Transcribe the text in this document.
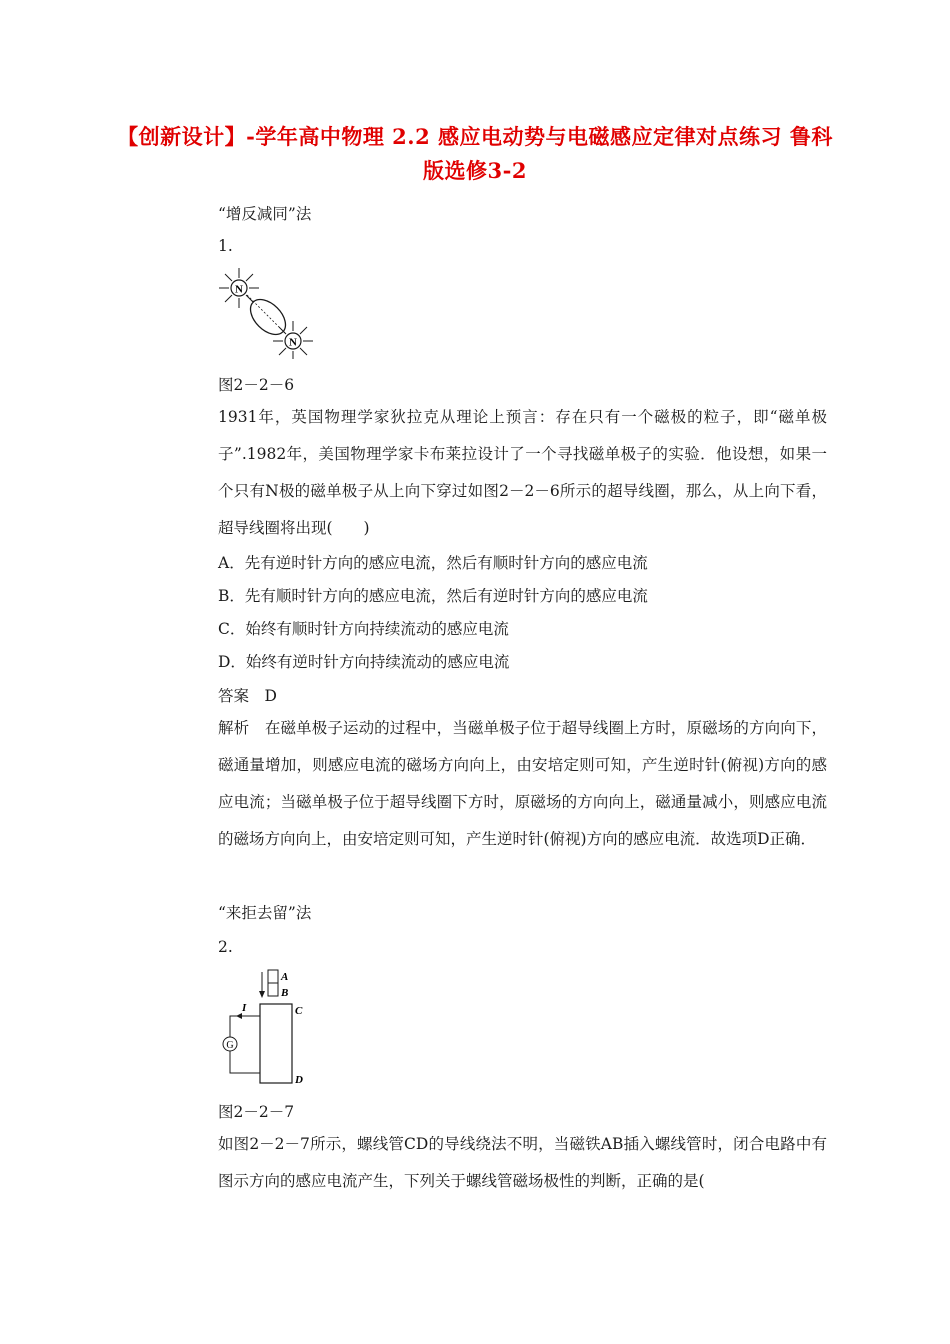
【创新设计】-学年高中物理 2.2 感应电动势与电磁感应定律对点练习 鲁科版选修3-2
“增反减同”法
1.
N
N
图2－2－6
1931年，英国物理学家狄拉克从理论上预言：存在只有一个磁极的粒子，即“磁单极子”.1982年，美国物理学家卡布莱拉设计了一个寻找磁单极子的实验．他设想，如果一个只有N极的磁单极子从上向下穿过如图2－2－6所示的超导线圈，那么，从上向下看，超导线圈将出现(　　)
A．先有逆时针方向的感应电流，然后有顺时针方向的感应电流
B．先有顺时针方向的感应电流，然后有逆时针方向的感应电流
C．始终有顺时针方向持续流动的感应电流
D．始终有逆时针方向持续流动的感应电流
答案　D
解析　在磁单极子运动的过程中，当磁单极子位于超导线圈上方时，原磁场的方向向下，磁通量增加，则感应电流的磁场方向向上，由安培定则可知，产生逆时针(俯视)方向的感应电流；当磁单极子位于超导线圈下方时，原磁场的方向向上，磁通量减小，则感应电流的磁场方向向上，由安培定则可知，产生逆时针(俯视)方向的感应电流．故选项D正确．
“来拒去留”法
2.
A
B
C
D
I
G
图2－2－7
如图2－2－7所示，螺线管CD的导线绕法不明，当磁铁AB插入螺线管时，闭合电路中有图示方向的感应电流产生，下列关于螺线管磁场极性的判断，正确的是(
